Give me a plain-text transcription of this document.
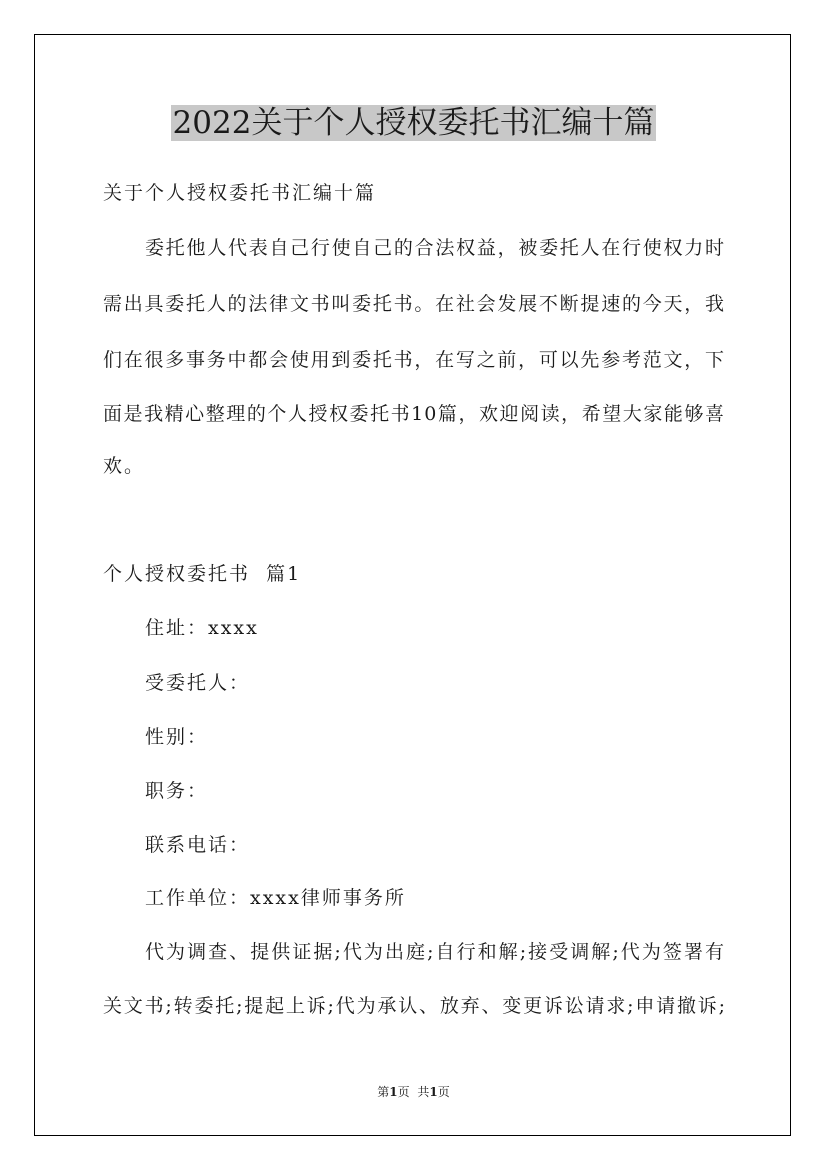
2022关于个人授权委托书汇编十篇
关于个人授权委托书汇编十篇
委托他人代表自己行使自己的合法权益，被委托人在行使权力时
需出具委托人的法律文书叫委托书。在社会发展不断提速的今天，我
们在很多事务中都会使用到委托书，在写之前，可以先参考范文，下
面是我精心整理的个人授权委托书10篇，欢迎阅读，希望大家能够喜
欢。
个人授权委托书  篇1
住址：xxxx
受委托人：
性别：
职务：
联系电话：
工作单位：xxxx律师事务所
代为调查、提供证据;代为出庭;自行和解;接受调解;代为签署有
关文书;转委托;提起上诉;代为承认、放弃、变更诉讼请求;申请撤诉;
第1页 共1页
